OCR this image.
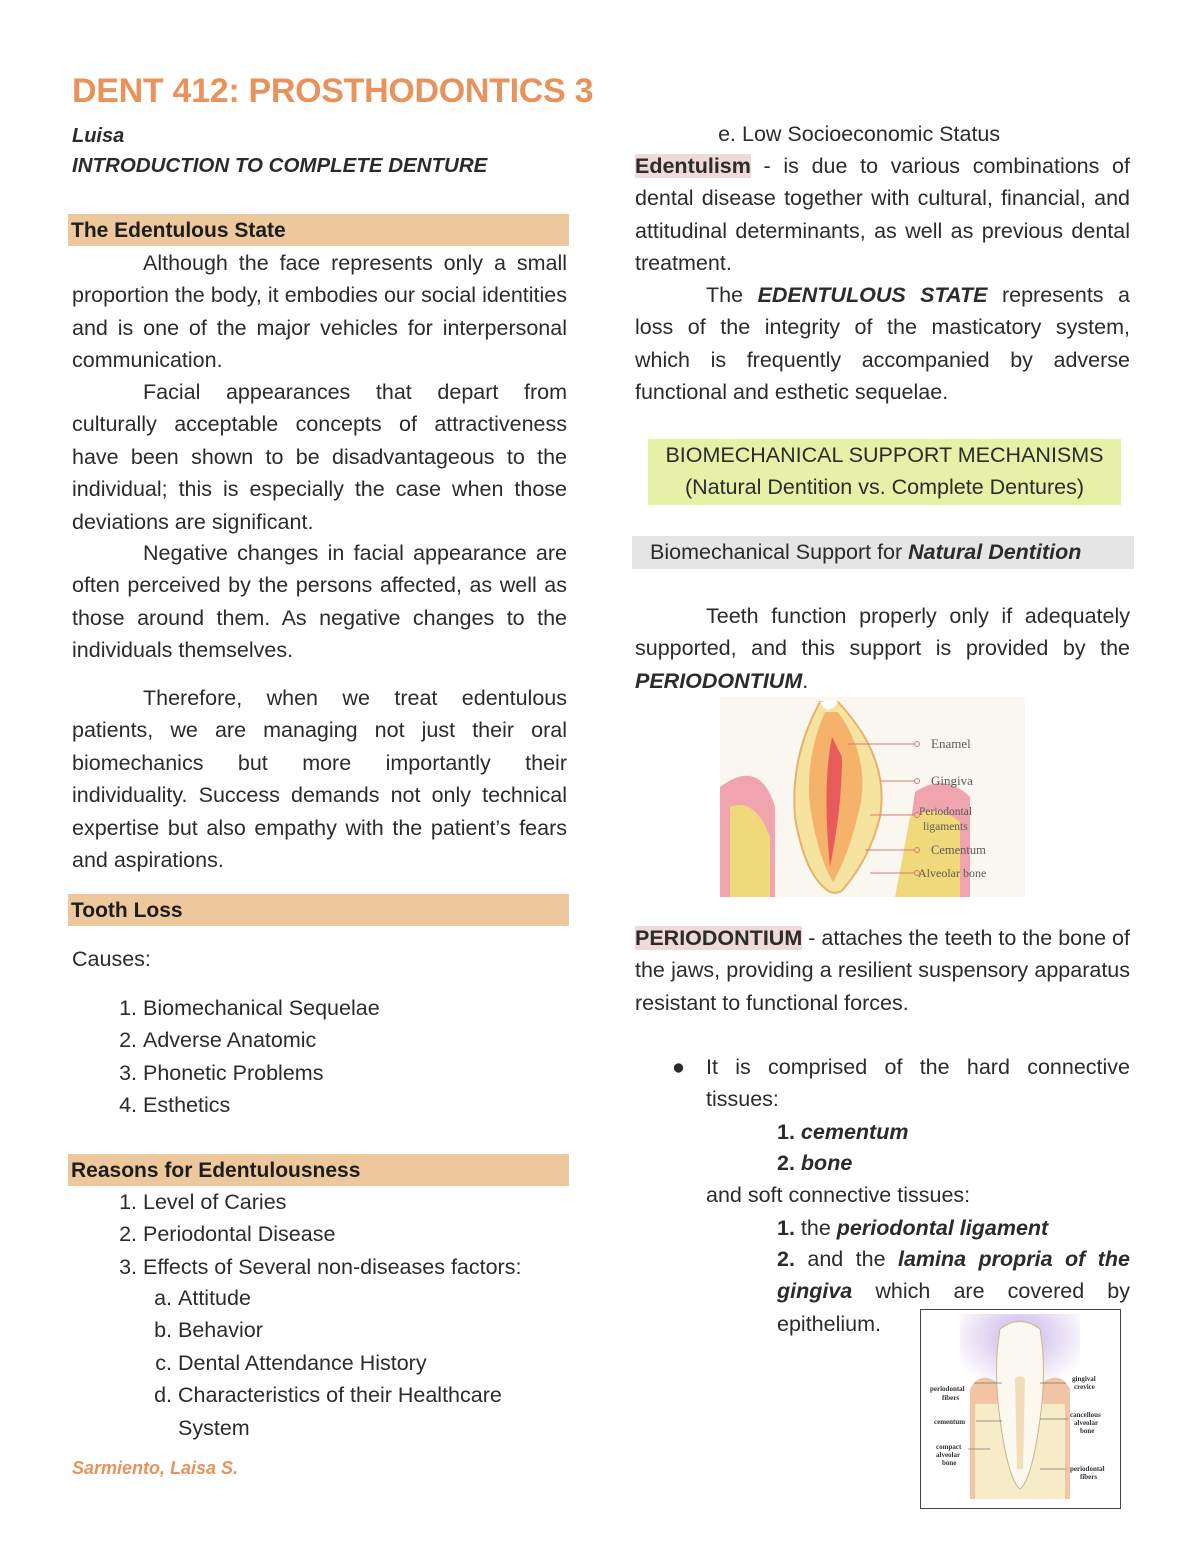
DENT 412: PROSTHODONTICS 3
Luisa
INTRODUCTION TO COMPLETE DENTURE
The Edentulous State
Although the face represents only a small proportion the body, it embodies our social identities and is one of the major vehicles for interpersonal communication.
Facial appearances that depart from culturally acceptable concepts of attractiveness have been shown to be disadvantageous to the individual; this is especially the case when those deviations are significant.
Negative changes in facial appearance are often perceived by the persons affected, as well as those around them. As negative changes to the individuals themselves.
Therefore, when we treat edentulous patients, we are managing not just their oral biomechanics but more importantly their individuality. Success demands not only technical expertise but also empathy with the patient’s fears and aspirations.
Tooth Loss
Causes:
1. Biomechanical Sequelae
2. Adverse Anatomic
3. Phonetic Problems
4. Esthetics
Reasons for Edentulousness
1. Level of Caries
2. Periodontal Disease
3. Effects of Several non-diseases factors:
a. Attitude
b. Behavior
c. Dental Attendance History
d. Characteristics of their Healthcare System
Sarmiento, Laisa S.
e. Low Socioeconomic Status
Edentulism - is due to various combinations of dental disease together with cultural, financial, and attitudinal determinants, as well as previous dental treatment.
The EDENTULOUS STATE represents a loss of the integrity of the masticatory system, which is frequently accompanied by adverse functional and esthetic sequelae.
BIOMECHANICAL SUPPORT MECHANISMS
(Natural Dentition vs. Complete Dentures)
Biomechanical Support for Natural Dentition
Teeth function properly only if adequately supported, and this support is provided by the PERIODONTIUM.
Enamel
Gingiva
Periodontal
ligaments
Cementum
Alveolar bone
PERIODONTIUM - attaches the teeth to the bone of the jaws, providing a resilient suspensory apparatus resistant to functional forces.
● It is comprised of the hard connective tissues:
1. cementum
2. bone
and soft connective tissues:
1. the periodontal ligament
2. and the lamina propria of the gingiva which are covered by epithelium.
periodontal
fibers
cementum
compact
alveolar
bone
gingival
crevice
cancellous
alveolar
bone
periodontal
fibers
